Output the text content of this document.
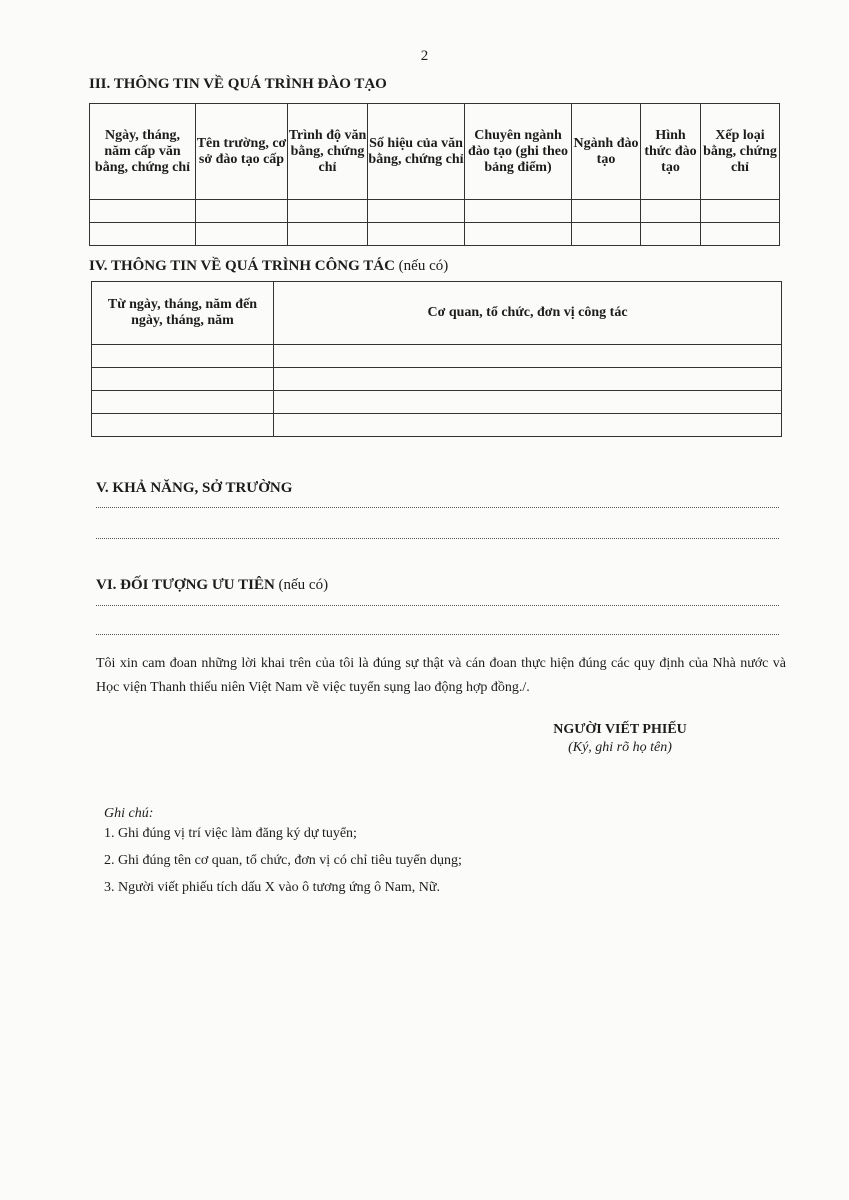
2
III. THÔNG TIN VỀ QUÁ TRÌNH ĐÀO TẠO
Ngày, tháng, năm cấp văn bằng, chứng chỉ	Tên trường, cơ sở đào tạo cấp	Trình độ văn bằng, chứng chỉ	Số hiệu của văn bằng, chứng chỉ	Chuyên ngành đào tạo (ghi theo bảng điểm)	Ngành đào tạo	Hình thức đào tạo	Xếp loại bằng, chứng chỉ

IV. THÔNG TIN VỀ QUÁ TRÌNH CÔNG TÁC (nếu có)
Từ ngày, tháng, năm đến ngày, tháng, năm	Cơ quan, tổ chức, đơn vị công tác

V. KHẢ NĂNG, SỞ TRƯỜNG
VI. ĐỐI TƯỢNG ƯU TIÊN (nếu có)
Tôi xin cam đoan những lời khai trên của tôi là đúng sự thật và cán đoan thực hiện đúng các quy định của Nhà nước và Học viện Thanh thiếu niên Việt Nam về việc tuyển sụng lao động hợp đồng./.
NGƯỜI VIẾT PHIẾU
(Ký, ghi rõ họ tên)
Ghi chú:
1. Ghi đúng vị trí việc làm đăng ký dự tuyển;
2. Ghi đúng tên cơ quan, tổ chức, đơn vị có chỉ tiêu tuyển dụng;
3. Người viết phiếu tích dấu X vào ô tương ứng ô Nam, Nữ.
